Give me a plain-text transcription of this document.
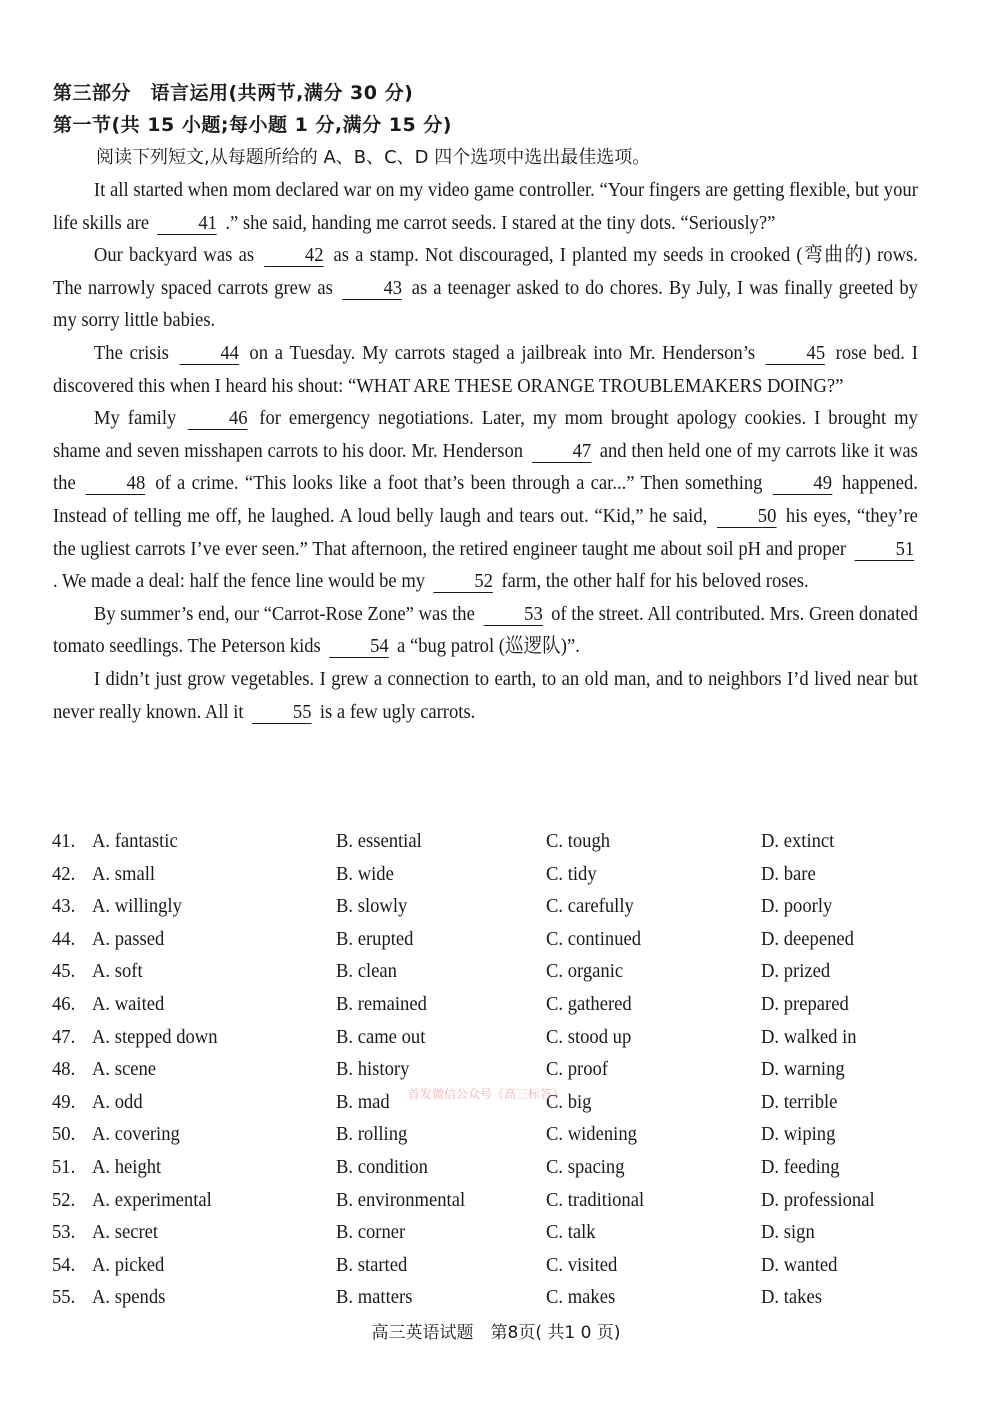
第三部分　语言运用(共两节,满分 30 分)
第一节(共 15 小题;每小题 1 分,满分 15 分)
阅读下列短文,从每题所给的 A、B、C、D 四个选项中选出最佳选项。

It all started when mom declared war on my video game controller. “Your fingers are getting flexible, but your life skills are 41 .” she said, handing me carrot seeds. I stared at the tiny dots. “Seriously?”

Our backyard was as	42 as a stamp. Not discouraged, I planted my seeds in crooked (弯曲的) rows. The narrowly spaced carrots grew as	43 as a teenager asked to do chores. By July, I was finally greeted by my sorry little babies.

The crisis	44 on a Tuesday. My carrots staged a jailbreak into Mr. Henderson’s	45 rose bed. I discovered this when I heard his shout: “WHAT ARE THESE ORANGE TROUBLEMAKERS DOING?”

My family	46 for emergency negotiations. Later, my mom brought apology cookies. I brought my shame and seven misshapen carrots to his door. Mr. Henderson 47 and then held one of my carrots like it was the	48 of a crime. “This looks like a foot that’s been through a car...” Then something	49 happened. Instead of telling me off, he laughed. A loud belly laugh and tears out. “Kid,” he said,	50 his eyes, “they’re the ugliest carrots I’ve ever seen.” That afternoon, the retired engineer taught me about soil pH and proper 51 . We made a deal: half the fence line would be my 52 farm, the other half for his beloved roses.

By summer’s end, our “Carrot-Rose Zone” was the 53 of the street. All contributed. Mrs. Green donated tomato seedlings. The Peterson kids 54 a “bug patrol (巡逻队)”.

I didn’t just grow vegetables. I grew a connection to earth, to an old man, and to neighbors I’d lived near but never really known. All it 55 is a few ugly carrots.

41. A. fantastic	B. essential	C. tough	D. extinct
42. A. small	B. wide	C. tidy	D. bare
43. A. willingly	B. slowly	C. carefully	D. poorly
44. A. passed	B. erupted	C. continued	D. deepened
45. A. soft	B. clean	C. organic	D. prized
46. A. waited	B. remained	C. gathered	D. prepared
47. A. stepped down	B. came out	C. stood up	D. walked in
48. A. scene	B. history	C. proof	D. warning
49. A. odd	B. mad	C. big	D. terrible
50. A. covering	B. rolling	C. widening	D. wiping
51. A. height	B. condition	C. spacing	D. feeding
52. A. experimental	B. environmental	C. traditional	D. professional
53. A. secret	B. corner	C. talk	D. sign
54. A. picked	B. started	C. visited	D. wanted
55. A. spends	B. matters	C. makes	D. takes
首发微信公众号《高三标答》
高三英语试题　第8页( 共1 0 页)
